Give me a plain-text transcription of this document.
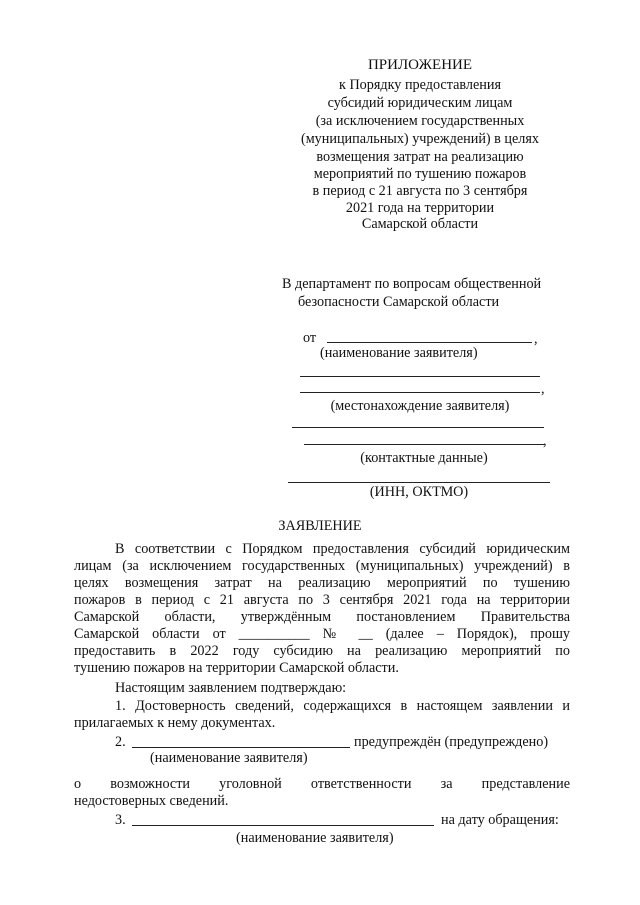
ПРИЛОЖЕНИЕ
к Порядку предоставления
субсидий юридическим лицам
(за исключением государственных
(муниципальных) учреждений) в целях
возмещения затрат на реализацию
мероприятий по тушению пожаров
в период с 21 августа по 3 сентября
2021 года на территории
Самарской области
В департамент по вопросам общественной
безопасности Самарской области
от	,
(наименование заявителя)
,
(местонахождение заявителя)
,
(контактные данные)
(ИНН, ОКТМО)
ЗАЯВЛЕНИЕ
В соответствии с Порядком предоставления субсидий юридическим
лицам (за исключением государственных (муниципальных) учреждений) в
целях возмещения затрат на реализацию мероприятий по тушению
пожаров в период с 21 августа по 3 сентября 2021 года на территории
Самарской области, утверждённым постановлением Правительства
Самарской области от __________ № __ (далее – Порядок), прошу
предоставить в 2022 году субсидию на реализацию мероприятий по
тушению пожаров на территории Самарской области.
Настоящим заявлением подтверждаю:
1. Достоверность сведений, содержащихся в настоящем заявлении и
прилагаемых к нему документах.
2.	предупреждён (предупреждено)
(наименование заявителя)
о возможности уголовной ответственности за представление
недостоверных сведений.
3.	на дату обращения:
(наименование заявителя)
